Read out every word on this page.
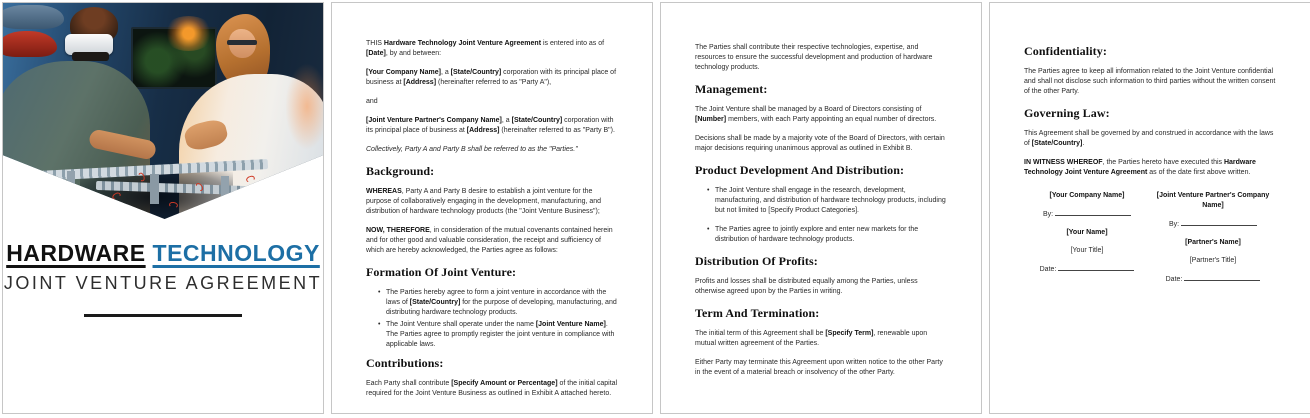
HARDWARE TECHNOLOGY
JOINT VENTURE AGREEMENT

THIS Hardware Technology Joint Venture Agreement is entered into as of [Date], by and between:

[Your Company Name], a [State/Country] corporation with its principal place of business at [Address] (hereinafter referred to as "Party A"),

and

[Joint Venture Partner's Company Name], a [State/Country] corporation with its principal place of business at [Address] (hereinafter referred to as "Party B").

Collectively, Party A and Party B shall be referred to as the "Parties."

Background:

WHEREAS, Party A and Party B desire to establish a joint venture for the purpose of collaboratively engaging in the development, manufacturing, and distribution of hardware technology products (the "Joint Venture Business");

NOW, THEREFORE, in consideration of the mutual covenants contained herein and for other good and valuable consideration, the receipt and sufficiency of which are hereby acknowledged, the Parties agree as follows:

Formation Of Joint Venture:
• The Parties hereby agree to form a joint venture in accordance with the laws of [State/Country] for the purpose of developing, manufacturing, and distributing hardware technology products.
• The Joint Venture shall operate under the name [Joint Venture Name]. The Parties agree to promptly register the joint venture in compliance with applicable laws.
Contributions:

Each Party shall contribute [Specify Amount or Percentage] of the initial capital required for the Joint Venture Business as outlined in Exhibit A attached hereto.

The Parties shall contribute their respective technologies, expertise, and resources to ensure the successful development and production of hardware technology products.

Management:

The Joint Venture shall be managed by a Board of Directors consisting of [Number] members, with each Party appointing an equal number of directors.

Decisions shall be made by a majority vote of the Board of Directors, with certain major decisions requiring unanimous approval as outlined in Exhibit B.

Product Development And Distribution:
• The Joint Venture shall engage in the research, development, manufacturing, and distribution of hardware technology products, including but not limited to [Specify Product Categories].
• The Parties agree to jointly explore and enter new markets for the distribution of hardware technology products.
Distribution Of Profits:

Profits and losses shall be distributed equally among the Parties, unless otherwise agreed upon by the Parties in writing.

Term And Termination:

The initial term of this Agreement shall be [Specify Term], renewable upon mutual written agreement of the Parties.

Either Party may terminate this Agreement upon written notice to the other Party in the event of a material breach or insolvency of the other Party.

Confidentiality:

The Parties agree to keep all information related to the Joint Venture confidential and shall not disclose such information to third parties without the written consent of the other Party.

Governing Law:

This Agreement shall be governed by and construed in accordance with the laws of [State/Country].

IN WITNESS WHEREOF, the Parties hereto have executed this Hardware Technology Joint Venture Agreement as of the date first above written.

[Your Company Name]
By:
[Your Name]
[Your Title]
Date:
[Joint Venture Partner's Company Name]
By:
[Partner's Name]
[Partner's Title]
Date:
